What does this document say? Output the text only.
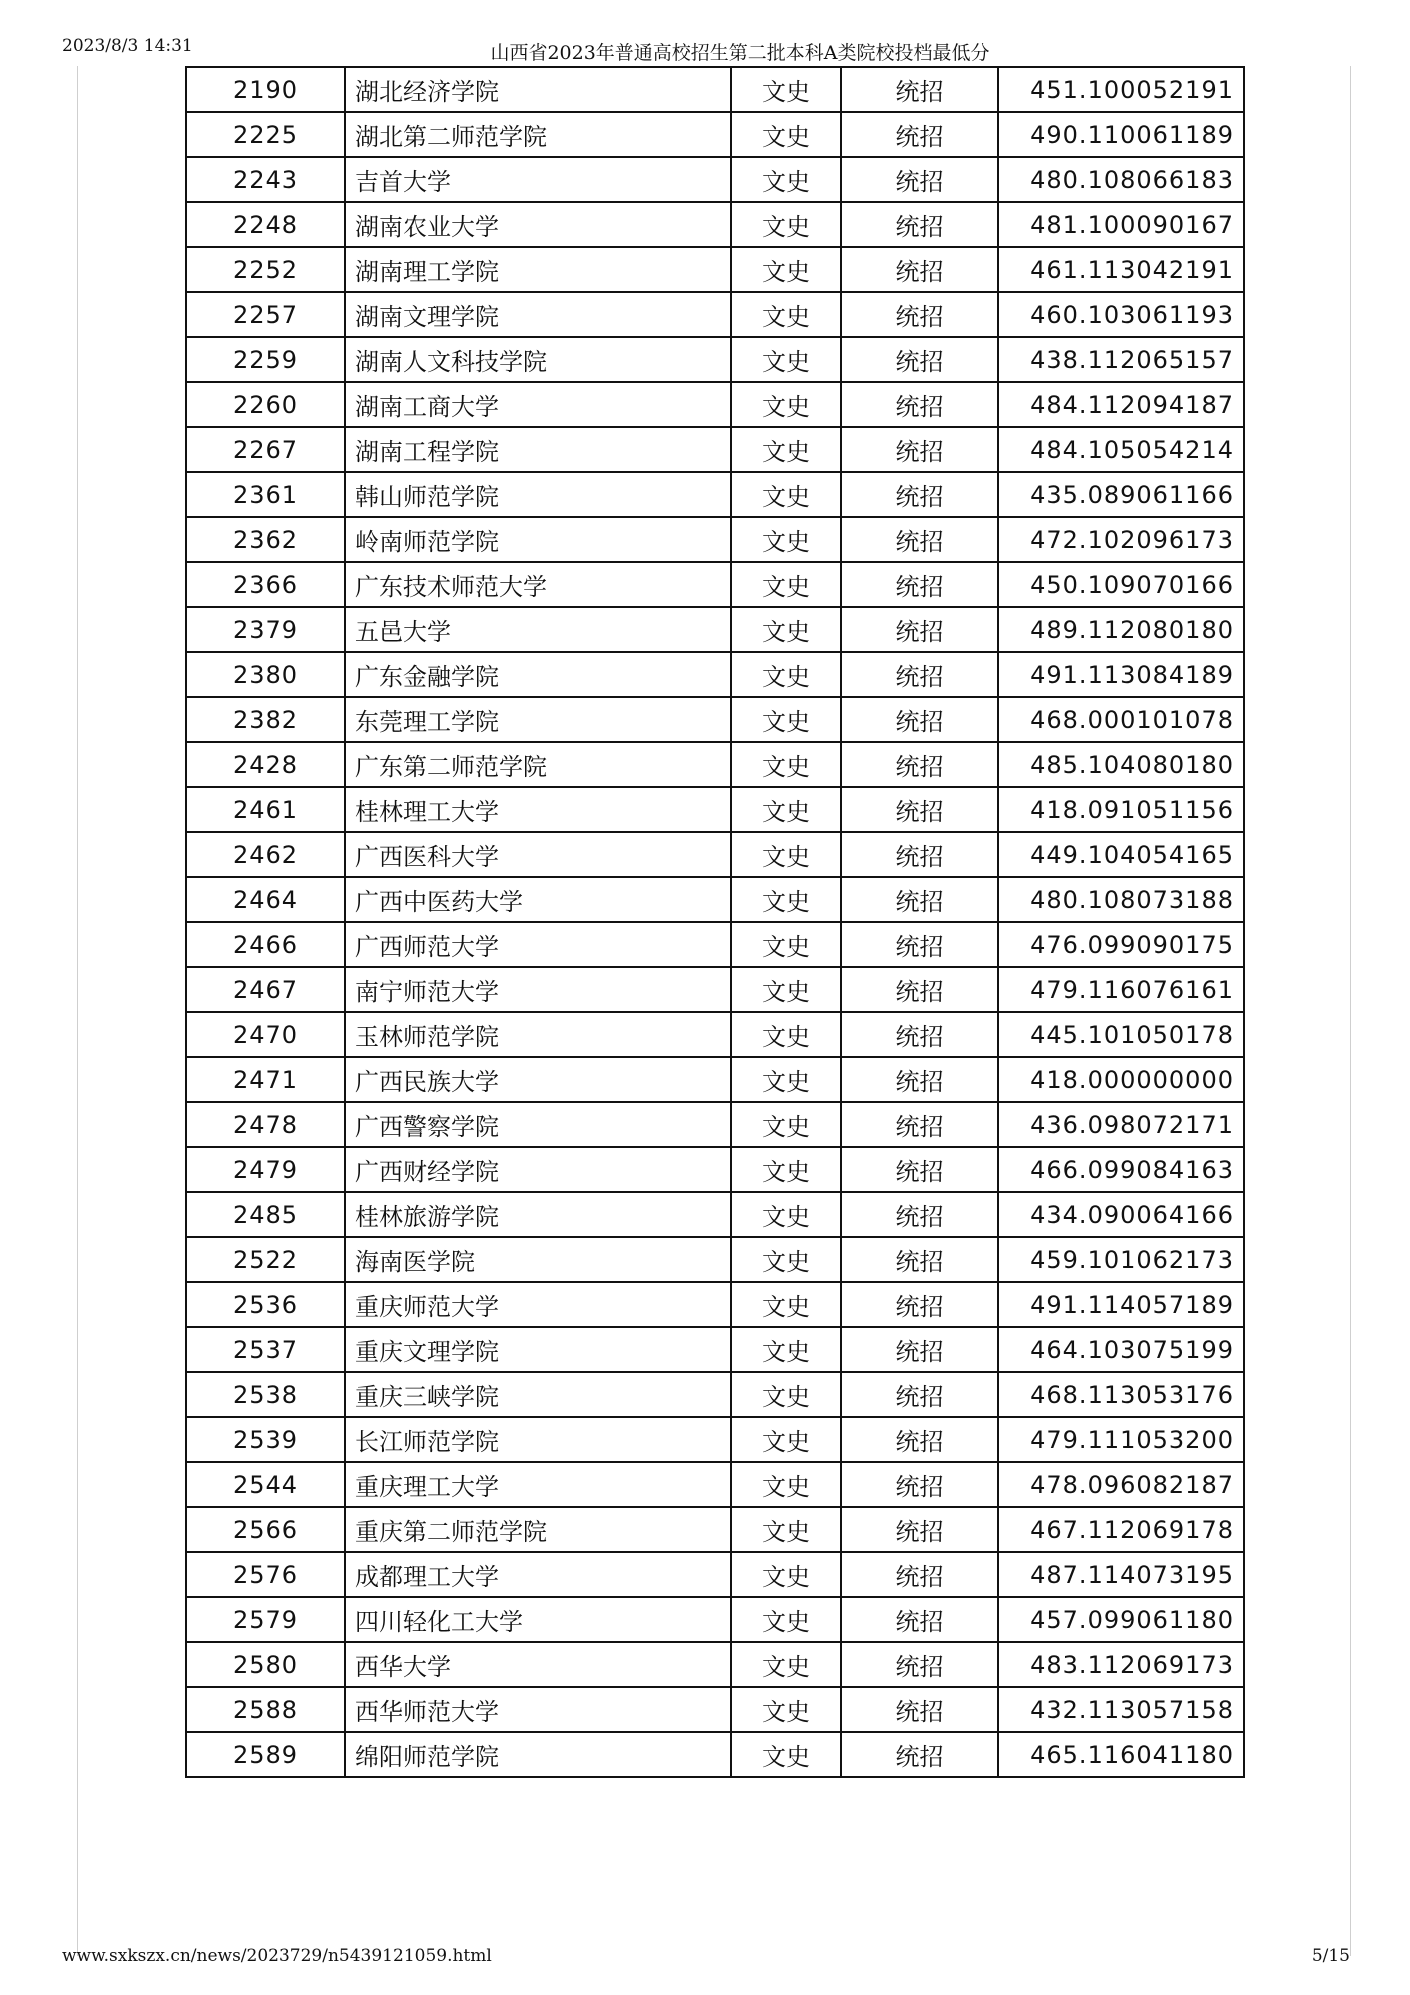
2023/8/3 14:31	山西省2023年普通高校招生第二批本科A类院校投档最低分
2190	湖北经济学院	文史	统招	451.100052191
2225	湖北第二师范学院	文史	统招	490.110061189
2243	吉首大学	文史	统招	480.108066183
2248	湖南农业大学	文史	统招	481.100090167
2252	湖南理工学院	文史	统招	461.113042191
2257	湖南文理学院	文史	统招	460.103061193
2259	湖南人文科技学院	文史	统招	438.112065157
2260	湖南工商大学	文史	统招	484.112094187
2267	湖南工程学院	文史	统招	484.105054214
2361	韩山师范学院	文史	统招	435.089061166
2362	岭南师范学院	文史	统招	472.102096173
2366	广东技术师范大学	文史	统招	450.109070166
2379	五邑大学	文史	统招	489.112080180
2380	广东金融学院	文史	统招	491.113084189
2382	东莞理工学院	文史	统招	468.000101078
2428	广东第二师范学院	文史	统招	485.104080180
2461	桂林理工大学	文史	统招	418.091051156
2462	广西医科大学	文史	统招	449.104054165
2464	广西中医药大学	文史	统招	480.108073188
2466	广西师范大学	文史	统招	476.099090175
2467	南宁师范大学	文史	统招	479.116076161
2470	玉林师范学院	文史	统招	445.101050178
2471	广西民族大学	文史	统招	418.000000000
2478	广西警察学院	文史	统招	436.098072171
2479	广西财经学院	文史	统招	466.099084163
2485	桂林旅游学院	文史	统招	434.090064166
2522	海南医学院	文史	统招	459.101062173
2536	重庆师范大学	文史	统招	491.114057189
2537	重庆文理学院	文史	统招	464.103075199
2538	重庆三峡学院	文史	统招	468.113053176
2539	长江师范学院	文史	统招	479.111053200
2544	重庆理工大学	文史	统招	478.096082187
2566	重庆第二师范学院	文史	统招	467.112069178
2576	成都理工大学	文史	统招	487.114073195
2579	四川轻化工大学	文史	统招	457.099061180
2580	西华大学	文史	统招	483.112069173
2588	西华师范大学	文史	统招	432.113057158
2589	绵阳师范学院	文史	统招	465.116041180
www.sxkszx.cn/news/2023729/n5439121059.html	5/15
